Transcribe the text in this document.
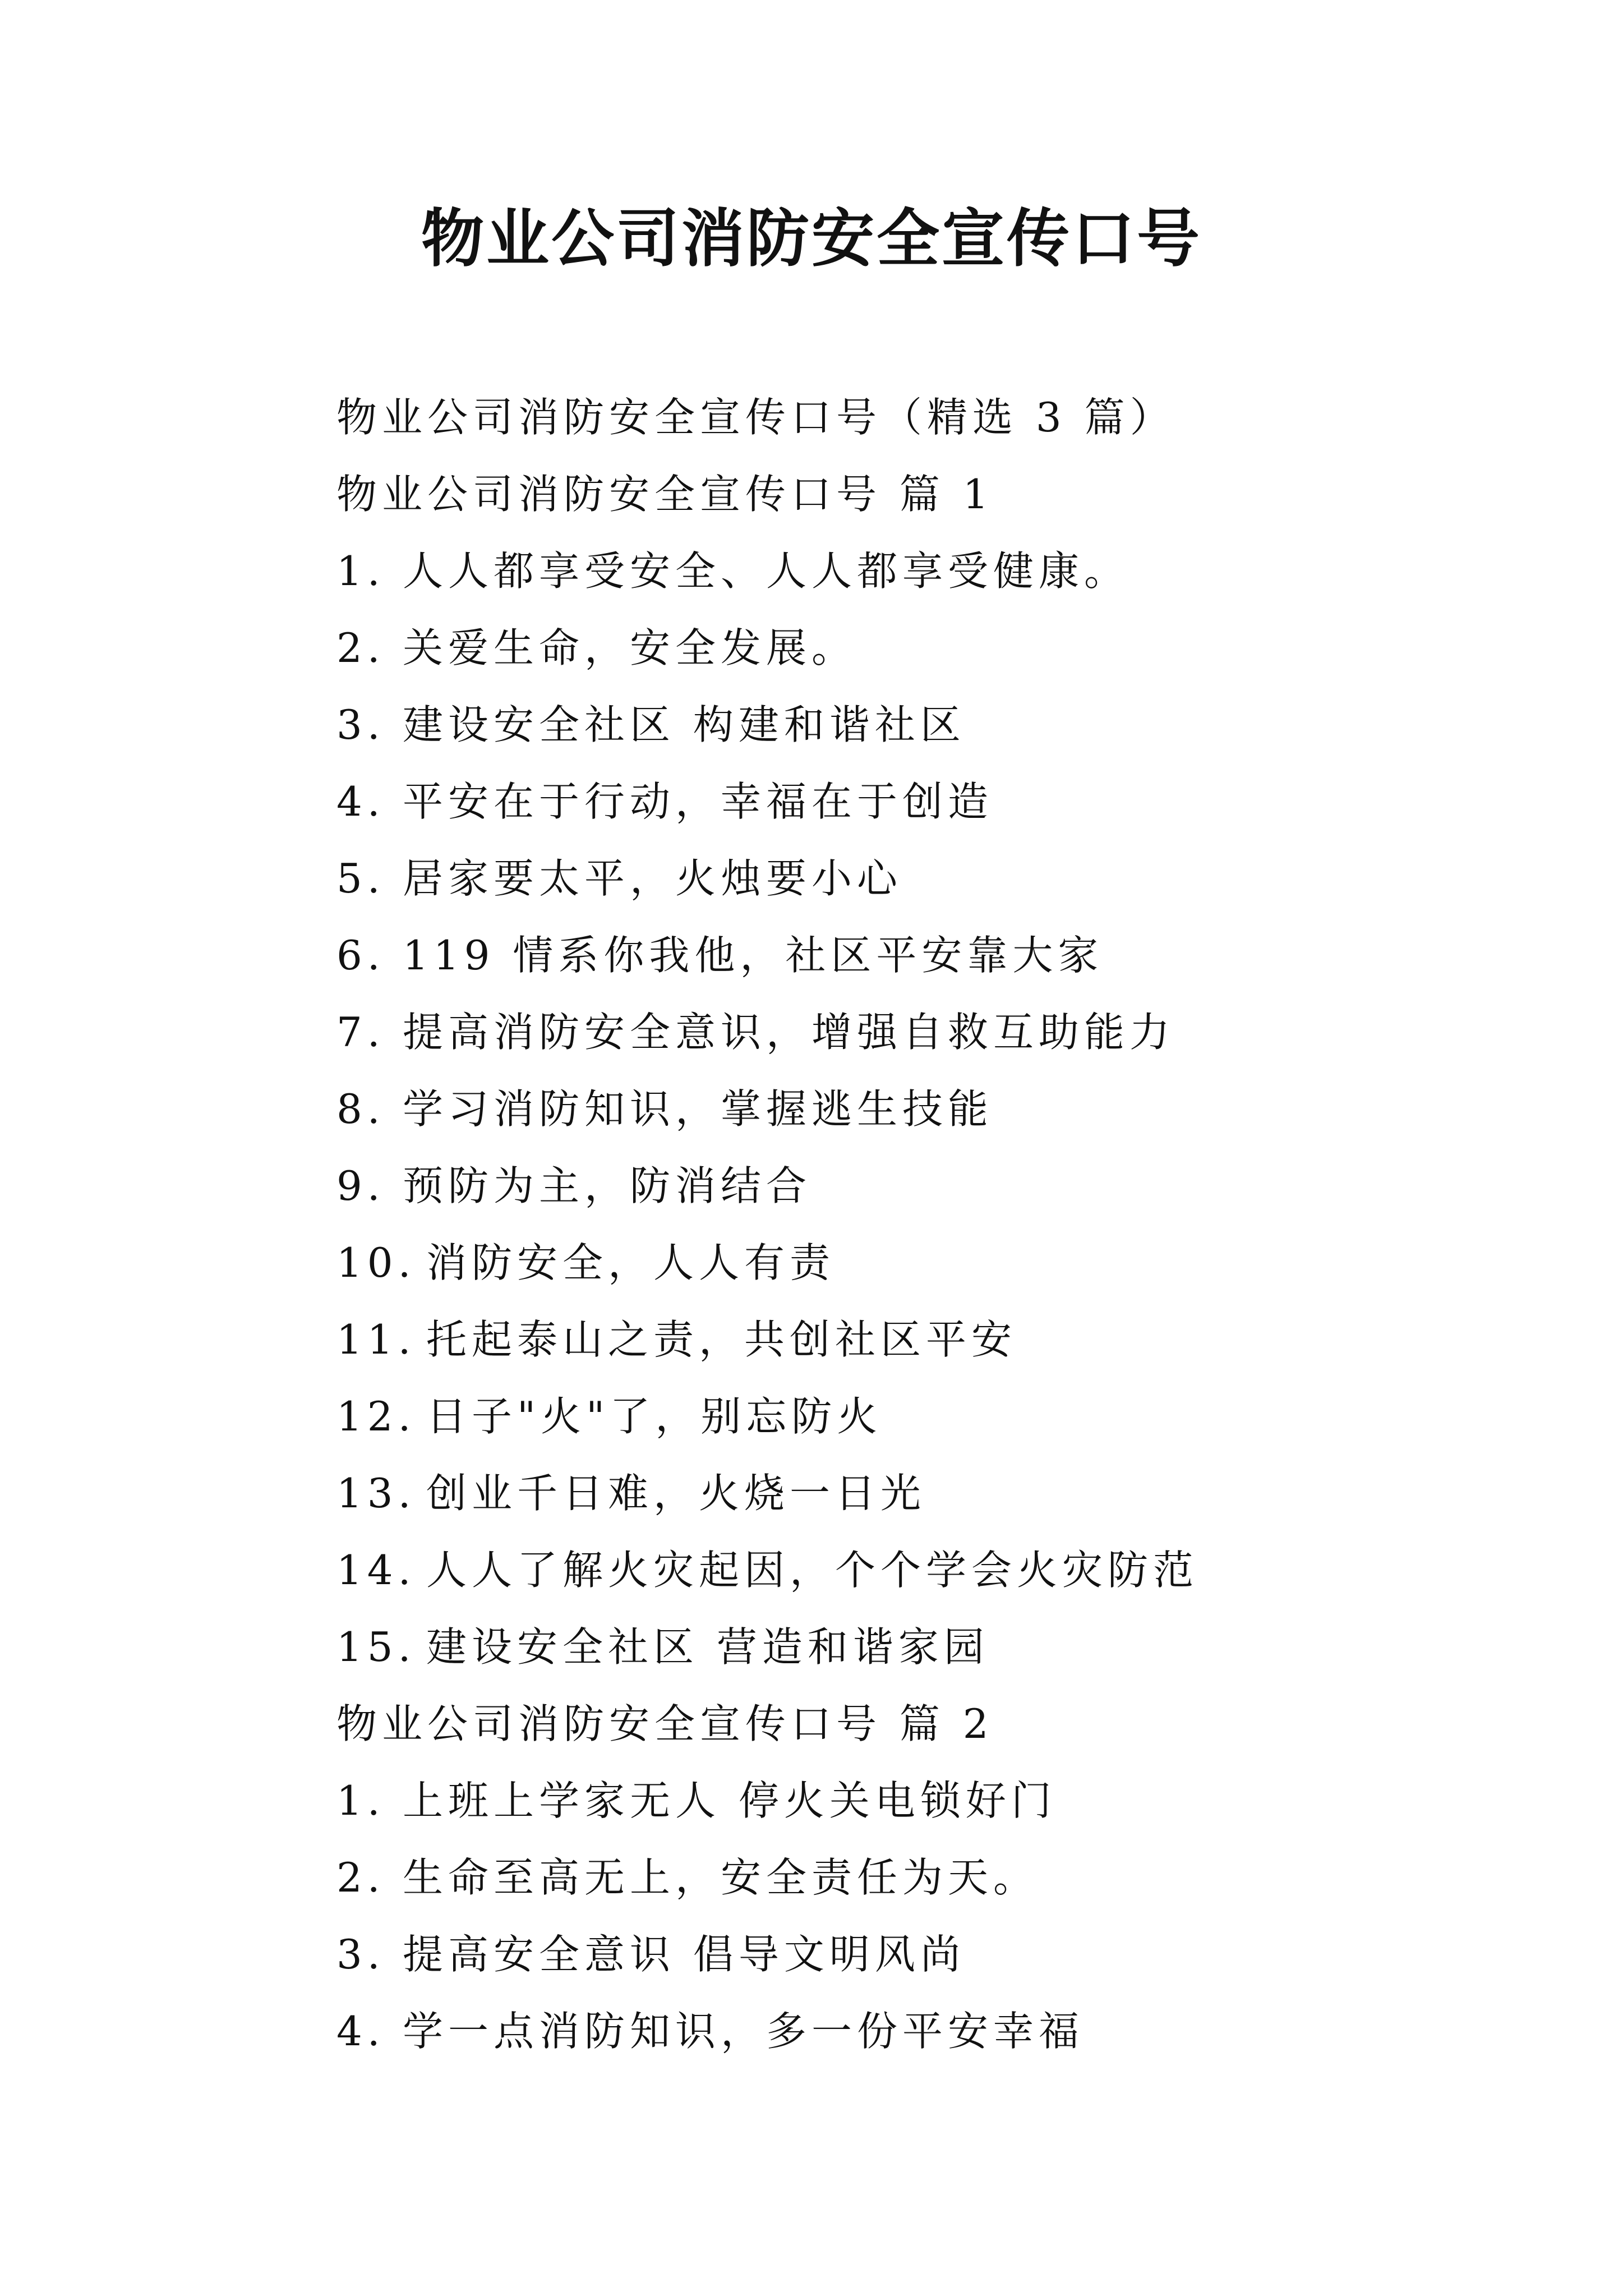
物业公司消防安全宣传口号
物业公司消防安全宣传口号（精选 3 篇）
物业公司消防安全宣传口号 篇 1
1. 人人都享受安全、人人都享受健康。
2. 关爱生命，安全发展。
3. 建设安全社区 构建和谐社区
4. 平安在于行动，幸福在于创造
5. 居家要太平，火烛要小心
6. 119 情系你我他，社区平安靠大家
7. 提高消防安全意识，增强自救互助能力
8. 学习消防知识，掌握逃生技能
9. 预防为主，防消结合
10. 消防安全，人人有责
11. 托起泰山之责，共创社区平安
12. 日子"火"了，别忘防火
13. 创业千日难，火烧一日光
14. 人人了解火灾起因，个个学会火灾防范
15. 建设安全社区 营造和谐家园
物业公司消防安全宣传口号 篇 2
1. 上班上学家无人 停火关电锁好门
2. 生命至高无上，安全责任为天。
3. 提高安全意识 倡导文明风尚
4. 学一点消防知识，多一份平安幸福
